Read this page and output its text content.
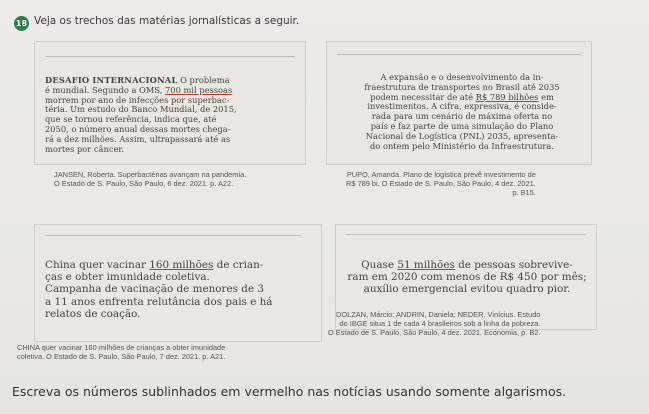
18 Veja os trechos das matérias jornalísticas a seguir.
DESAFIO INTERNACIONAL O problema
é mundial. Segundo a OMS, 700 mil pessoas
morrem por ano de infecções por superbac-
téria. Um estudo do Banco Mundial, de 2015,
que se tornou referência, indica que, até
2050, o número anual dessas mortes chega-
rá a dez milhões. Assim, ultrapassará até as
mortes por câncer.
JANSEN, Roberta. Superbactérias avançam na pandemia.
O Estado de S. Paulo, São Paulo, 6 dez. 2021. p. A22.
A expansão e o desenvolvimento da in-
fraestrutura de transportes no Brasil até 2035
podem necessitar de até R$ 789 bilhões em
investimentos. A cifra, expressiva, é conside-
rada para um cenário de máxima oferta no
país e faz parte de uma simulação do Plano
Nacional de Logística (PNL) 2035, apresenta-
do ontem pelo Ministério da Infraestrutura.
PUPO, Amanda. Plano de logística prevê investimento de
R$ 789 bi. O Estado de S. Paulo, São Paulo, 4 dez. 2021.
p. B15.
China quer vacinar 160 milhões de crian-
ças e obter imunidade coletiva.
Campanha de vacinação de menores de 3
a 11 anos enfrenta relutância dos pais e há
relatos de coação.
CHINA quer vacinar 160 milhões de crianças a obter imunidade
coletiva. O Estado de S. Paulo, São Paulo, 7 dez. 2021. p. A21.
Quase 51 milhões de pessoas sobrevive-
ram em 2020 com menos de R$ 450 por mês;
auxílio emergencial evitou quadro pior.
DOLZAN, Márcio; ANDRIN, Daniela; NEDER, Vinícius. Estudo
do IBGE situa 1 de cada 4 brasileiros sob a linha da pobreza.
O Estado de S. Paulo, São Paulo, 4 dez. 2021. Economia, p. B2.
Escreva os números sublinhados em vermelho nas notícias usando somente algarismos.
